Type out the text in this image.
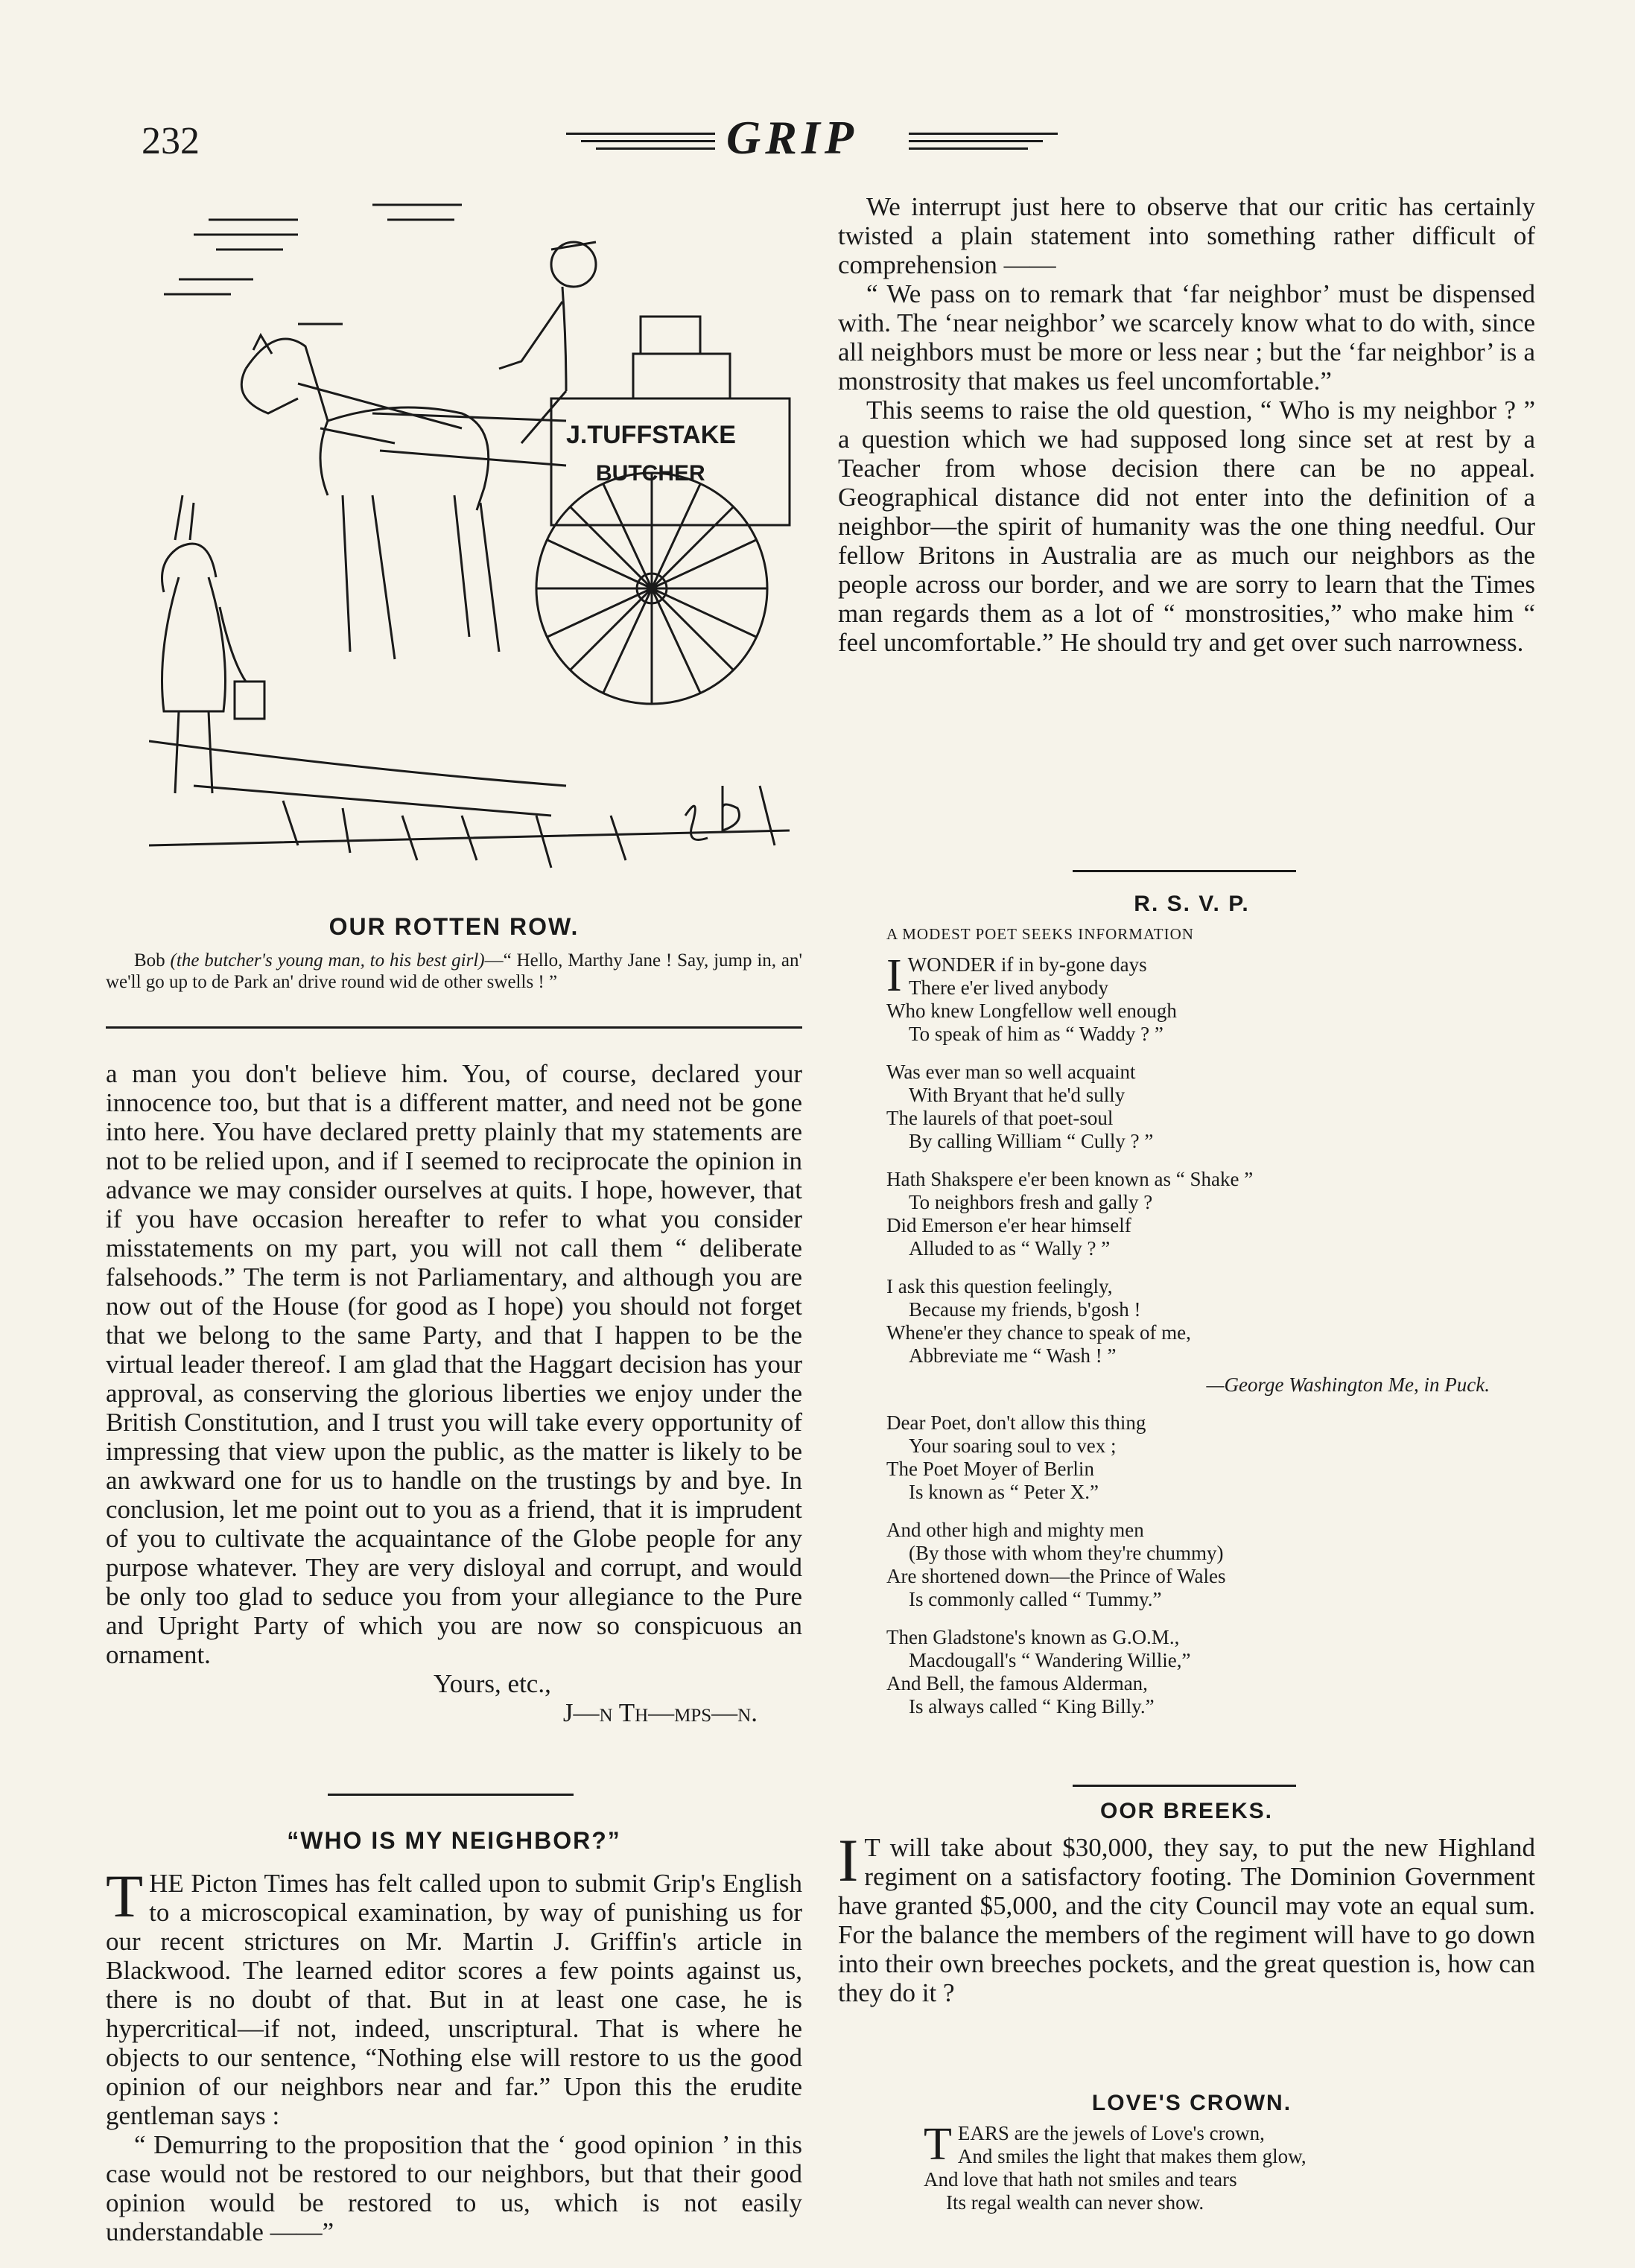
232	GRIP
J.TUFFSTAKE
BUTCHER
OUR ROTTEN ROW.

Bob (the butcher's young man, to his best girl)—“ Hello, Marthy Jane ! Say, jump in, an' we'll go up to de Park an' drive round wid de other swells ! ”

a man you don't believe him. You, of course, declared your innocence too, but that is a different matter, and need not be gone into here. You have declared pretty plainly that my statements are not to be relied upon, and if I seemed to reciprocate the opinion in advance we may consider ourselves at quits. I hope, however, that if you have occasion hereafter to refer to what you consider misstatements on my part, you will not call them “ deliberate falsehoods.” The term is not Parliamentary, and although you are now out of the House (for good as I hope) you should not forget that we belong to the same Party, and that I happen to be the virtual leader thereof. I am glad that the Haggart decision has your approval, as conserving the glorious liberties we enjoy under the British Constitution, and I trust you will take every opportunity of impressing that view upon the public, as the matter is likely to be an awkward one for us to handle on the trustings by and bye. In conclusion, let me point out to you as a friend, that it is imprudent of you to cultivate the acquaintance of the Globe people for any purpose whatever. They are very disloyal and corrupt, and would be only too glad to seduce you from your allegiance to the Pure and Upright Party of which you are now so conspicuous an ornament.

Yours, etc.,

J—n Th—mps—n.

“WHO IS MY NEIGHBOR?”

THE Picton Times has felt called upon to submit Grip's English to a microscopical examination, by way of punishing us for our recent strictures on Mr. Martin J. Griffin's article in Blackwood. The learned editor scores a few points against us, there is no doubt of that. But in at least one case, he is hypercritical—if not, indeed, unscriptural. That is where he objects to our sentence, “Nothing else will restore to us the good opinion of our neighbors near and far.” Upon this the erudite gentleman says :

“ Demurring to the proposition that the ‘ good opinion ’ in this case would not be restored to our neighbors, but that their good opinion would be restored to us, which is not easily understandable ——”

We interrupt just here to observe that our critic has certainly twisted a plain statement into something rather difficult of comprehension ——

“ We pass on to remark that ‘far neighbor’ must be dispensed with. The ‘near neighbor’ we scarcely know what to do with, since all neighbors must be more or less near ; but the ‘far neighbor’ is a monstrosity that makes us feel uncomfortable.”

This seems to raise the old question, “ Who is my neighbor ? ” a question which we had supposed long since set at rest by a Teacher from whose decision there can be no appeal. Geographical distance did not enter into the definition of a neighbor—the spirit of humanity was the one thing needful. Our fellow Britons in Australia are as much our neighbors as the people across our border, and we are sorry to learn that the Times man regards them as a lot of “ monstrosities,” who make him “ feel uncomfortable.” He should try and get over such narrowness.

R. S. V. P.
A MODEST POET SEEKS INFORMATION
IWONDER if in by-gone days
There e'er lived anybody
Who knew Longfellow well enough
To speak of him as “ Waddy ? ”
Was ever man so well acquaint
With Bryant that he'd sully
The laurels of that poet-soul
By calling William “ Cully ? ”
Hath Shakspere e'er been known as “ Shake ”
To neighbors fresh and gally ?
Did Emerson e'er hear himself
Alluded to as “ Wally ? ”
I ask this question feelingly,
Because my friends, b'gosh !
Whene'er they chance to speak of me,
Abbreviate me “ Wash ! ”
—George Washington Me, in Puck.
Dear Poet, don't allow this thing
Your soaring soul to vex ;
The Poet Moyer of Berlin
Is known as “ Peter X.”
And other high and mighty men
(By those with whom they're chummy)
Are shortened down—the Prince of Wales
Is commonly called “ Tummy.”
Then Gladstone's known as G.O.M.,
Macdougall's “ Wandering Willie,”
And Bell, the famous Alderman,
Is always called “ King Billy.”
OOR BREEKS.

I T will take about $30,000, they say, to put the new Highland regiment on a satisfactory footing. The Dominion Government have granted $5,000, and the city Council may vote an equal sum. For the balance the members of the regiment will have to go down into their own breeches pockets, and the great question is, how can they do it ?

LOVE'S CROWN.
TEARS are the jewels of Love's crown,
And smiles the light that makes them glow,
And love that hath not smiles and tears
Its regal wealth can never show.
